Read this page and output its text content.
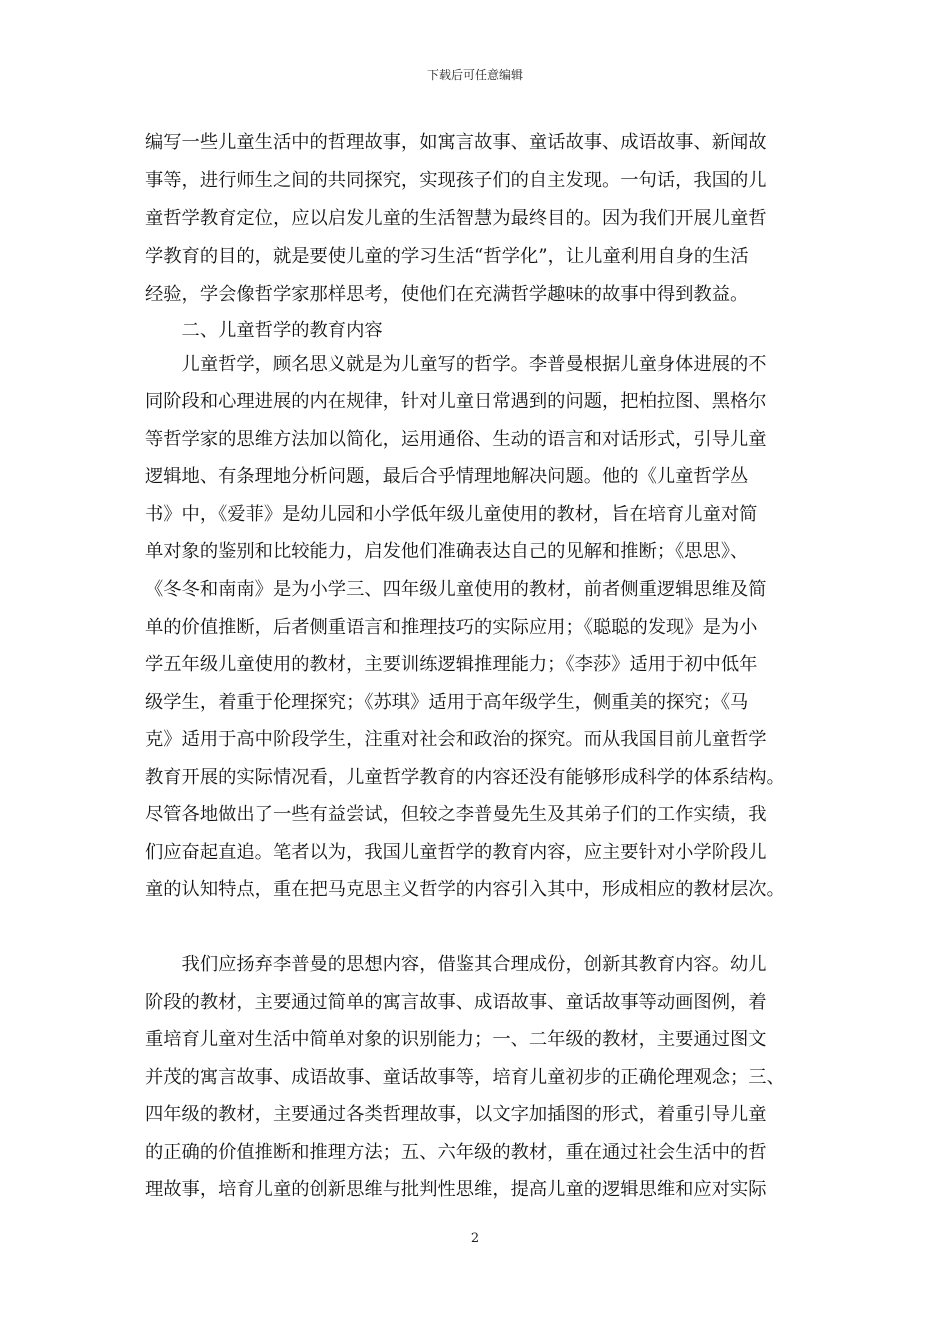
下载后可任意编辑
编写一些儿童生活中的哲理故事，如寓言故事、童话故事、成语故事、新闻故
事等，进行师生之间的共同探究，实现孩子们的自主发现。一句话，我国的儿
童哲学教育定位，应以启发儿童的生活智慧为最终目的。因为我们开展儿童哲
学教育的目的，就是要使儿童的学习生活“哲学化”，让儿童利用自身的生活
经验，学会像哲学家那样思考，使他们在充满哲学趣味的故事中得到教益。
　　二、儿童哲学的教育内容
　　儿童哲学，顾名思义就是为儿童写的哲学。李普曼根据儿童身体进展的不
同阶段和心理进展的内在规律，针对儿童日常遇到的问题，把柏拉图、黑格尔
等哲学家的思维方法加以简化，运用通俗、生动的语言和对话形式，引导儿童
逻辑地、有条理地分析问题，最后合乎情理地解决问题。他的《儿童哲学丛
书》中，《爱菲》是幼儿园和小学低年级儿童使用的教材，旨在培育儿童对简
单对象的鉴别和比较能力，启发他们准确表达自己的见解和推断；《思思》、
《冬冬和南南》是为小学三、四年级儿童使用的教材，前者侧重逻辑思维及简
单的价值推断，后者侧重语言和推理技巧的实际应用；《聪聪的发现》是为小
学五年级儿童使用的教材，主要训练逻辑推理能力；《李莎》适用于初中低年
级学生，着重于伦理探究；《苏琪》适用于高年级学生，侧重美的探究；《马
克》适用于高中阶段学生，注重对社会和政治的探究。而从我国目前儿童哲学
教育开展的实际情况看，儿童哲学教育的内容还没有能够形成科学的体系结构。
尽管各地做出了一些有益尝试，但较之李普曼先生及其弟子们的工作实绩，我
们应奋起直追。笔者以为，我国儿童哲学的教育内容，应主要针对小学阶段儿
童的认知特点，重在把马克思主义哲学的内容引入其中，形成相应的教材层次。
　　我们应扬弃李普曼的思想内容，借鉴其合理成份，创新其教育内容。幼儿
阶段的教材，主要通过简单的寓言故事、成语故事、童话故事等动画图例，着
重培育儿童对生活中简单对象的识别能力；一、二年级的教材，主要通过图文
并茂的寓言故事、成语故事、童话故事等，培育儿童初步的正确伦理观念；三、
四年级的教材，主要通过各类哲理故事，以文字加插图的形式，着重引导儿童
的正确的价值推断和推理方法；五、六年级的教材，重在通过社会生活中的哲
理故事，培育儿童的创新思维与批判性思维，提高儿童的逻辑思维和应对实际
2
